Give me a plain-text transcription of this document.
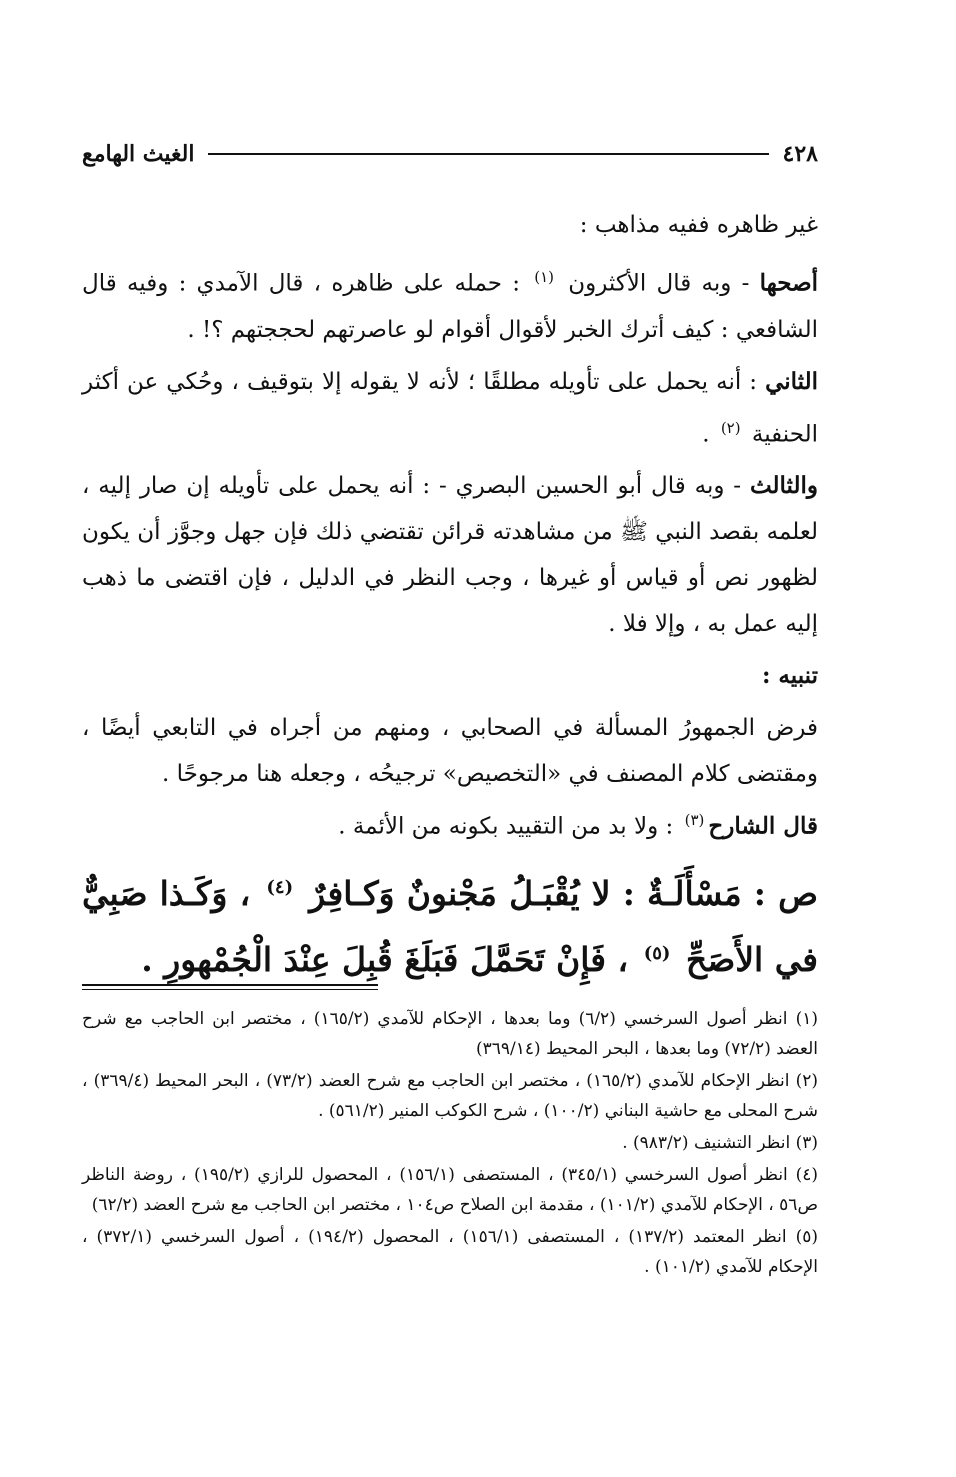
٤٢٨
الغيث الهامع

غير ظاهره ففيه مذاهب :

أصحها - وبه قال الأكثرون $^{(١)}$ : حمله على ظاهره ، قال الآمدي : وفيه قال الشافعي : كيف أترك الخبر لأقوال أقوام لو عاصرتهم لحججتهم ؟! .

الثاني : أنه يحمل على تأويله مطلقًا ؛ لأنه لا يقوله إلا بتوقيف ، وحُكي عن أكثر الحنفية $^{(٢)}$ .

والثالث - وبه قال أبو الحسين البصري - : أنه يحمل على تأويله إن صار إليه ، لعلمه بقصد النبي ﷺ من مشاهدته قرائن تقتضي ذلك فإن جهل وجوَّز أن يكون لظهور نص أو قياس أو غيرها ، وجب النظر في الدليل ، فإن اقتضى ما ذهب إليه عمل به ، وإلا فلا .

تنبيه :

فرض الجمهورُ المسألة في الصحابي ، ومنهم من أجراه في التابعي أيضًا ، ومقتضى كلام المصنف في «التخصيص» ترجيحُه ، وجعله هنا مرجوحًا .

قال الشارح$^{(٣)}$ : ولا بد من التقييد بكونه من الأئمة .

ص : مَسْأَلَـةٌ : لا يُقْبَـلُ مَجْنونٌ وَكـافِرٌ $^{(٤)}$ ، وَكَـذا صَبِيٌّ في الأَصَحِّ $^{(٥)}$ ، فَإِنْ تَحَمَّلَ فَبَلَغَ قُبِلَ عِنْدَ الْجُمْهورِ .

(١) انظر أصول السرخسي (٦/٢) وما بعدها ، الإحكام للآمدي (١٦٥/٢) ، مختصر ابن الحاجب مع شرح العضد (٧٢/٢) وما بعدها ، البحر المحيط (٣٦٩/١٤)

(٢) انظر الإحكام للآمدي (١٦٥/٢) ، مختصر ابن الحاجب مع شرح العضد (٧٣/٢) ، البحر المحيط (٣٦٩/٤) ، شرح المحلى مع حاشية البناني (١٠٠/٢) ، شرح الكوكب المنير (٥٦١/٢) .

(٣) انظر التشنيف (٩٨٣/٢) .

(٤) انظر أصول السرخسي (٣٤٥/١) ، المستصفى (١٥٦/١) ، المحصول للرازي (١٩٥/٢) ، روضة الناظر ص٥٦ ، الإحكام للآمدي (١٠١/٢) ، مقدمة ابن الصلاح ص١٠٤ ، مختصر ابن الحاجب مع شرح العضد (٦٢/٢)

(٥) انظر المعتمد (١٣٧/٢) ، المستصفى (١٥٦/١) ، المحصول (١٩٤/٢) ، أصول السرخسي (٣٧٢/١) ، الإحكام للآمدي (١٠١/٢) .
